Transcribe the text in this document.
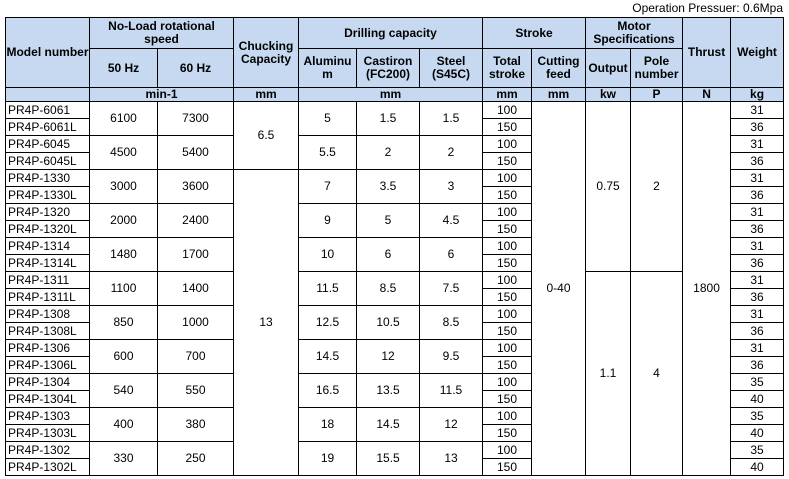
Operation Pressuer: 0.6Mpa
Model number	No-Load rotational speed		Chucking Capacity	Drilling capacity			Stroke		Motor Specifications		Thrust	Weight
	50 Hz	60 Hz		Aluminu m	Castiron (FC200)	Steel (S45C)	Total stroke	Cutting feed	Output	Pole number		

	min-1		mm	mm			mm	mm	kw	P	N	kg
PR4P-6061	6100	7300	6.5	5	1.5	1.5	100	0-40	0.75	2	1800	31
PR4P-6061L							150					36
PR4P-6045	4500	5400		5.5	2	2	100					31
PR4P-6045L							150					36
PR4P-1330	3000	3600	13	7	3.5	3	100					31
PR4P-1330L							150					36
PR4P-1320	2000	2400		9	5	4.5	100					31
PR4P-1320L							150					36
PR4P-1314	1480	1700		10	6	6	100					31
PR4P-1314L							150					36
PR4P-1311	1100	1400		11.5	8.5	7.5	100		1.1	4		31
PR4P-1311L							150					36
PR4P-1308	850	1000		12.5	10.5	8.5	100					31
PR4P-1308L							150					36
PR4P-1306	600	700		14.5	12	9.5	100					31
PR4P-1306L							150					36
PR4P-1304	540	550		16.5	13.5	11.5	100					35
PR4P-1304L							150					40
PR4P-1303	400	380		18	14.5	12	100					35
PR4P-1303L							150					40
PR4P-1302	330	250		19	15.5	13	100					35
PR4P-1302L							150					40
